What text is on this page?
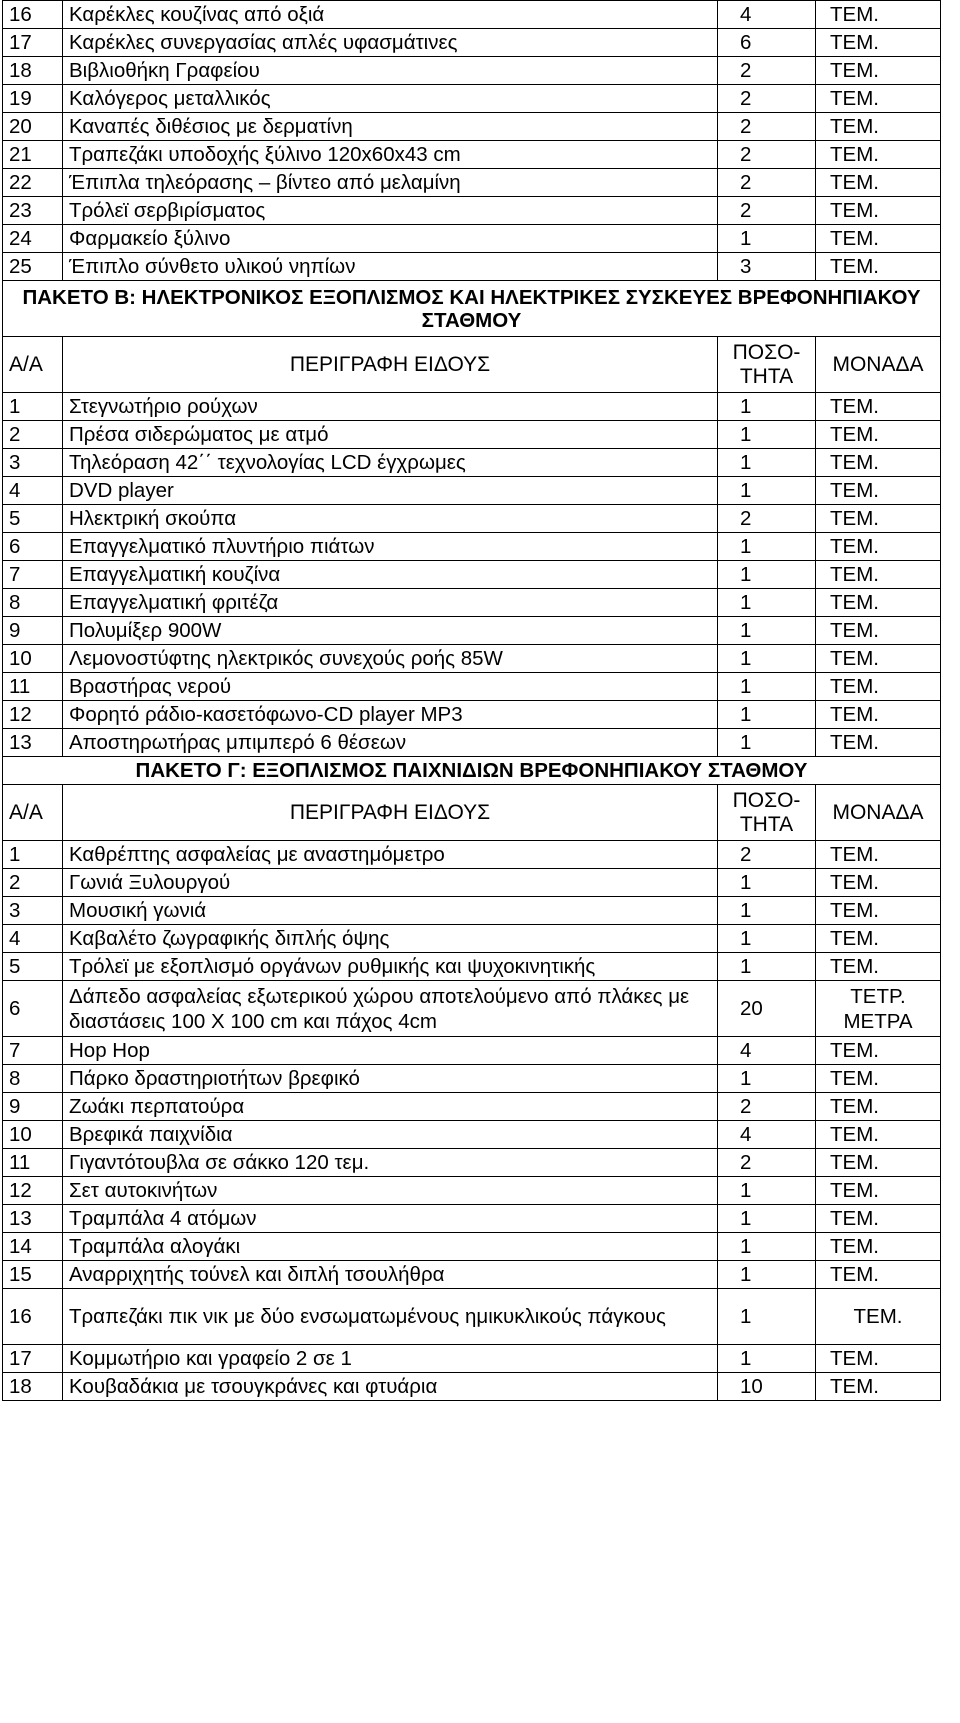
16	Καρέκλες κουζίνας από οξιά	4	ΤΕΜ.
17	Καρέκλες συνεργασίας απλές υφασμάτινες	6	ΤΕΜ.
18	Βιβλιοθήκη Γραφείου	2	ΤΕΜ.
19	Καλόγερος μεταλλικός	2	ΤΕΜ.
20	Καναπές διθέσιος με δερματίνη	2	ΤΕΜ.
21	Τραπεζάκι υποδοχής ξύλινο 120x60x43 cm	2	ΤΕΜ.
22	Έπιπλα τηλεόρασης – βίντεο από μελαμίνη	2	ΤΕΜ.
23	Τρόλεϊ σερβιρίσματος	2	ΤΕΜ.
24	Φαρμακείο ξύλινο	1	ΤΕΜ.
25	Έπιπλο σύνθετο υλικού νηπίων	3	ΤΕΜ.
ΠΑΚΕΤΟ Β: ΗΛΕΚΤΡΟΝΙΚΟΣ ΕΞΟΠΛΙΣΜΟΣ ΚΑΙ ΗΛΕΚΤΡΙΚΕΣ ΣΥΣΚΕΥΕΣ ΒΡΕΦΟΝΗΠΙΑΚΟΥ ΣΤΑΘΜΟΥ			
Α/Α	ΠΕΡΙΓΡΑΦΗ ΕΙΔΟΥΣ	ΠΟΣΟ-ΤΗΤΑ	ΜΟΝΑΔΑ
1	Στεγνωτήριο ρούχων	1	ΤΕΜ.
2	Πρέσα σιδερώματος με ατμό	1	ΤΕΜ.
3	Τηλεόραση 42΄΄ τεχνολογίας LCD έγχρωμες	1	ΤΕΜ.
4	DVD player	1	ΤΕΜ.
5	Ηλεκτρική σκούπα	2	ΤΕΜ.
6	Επαγγελματικό πλυντήριο πιάτων	1	ΤΕΜ.
7	Επαγγελματική κουζίνα	1	ΤΕΜ.
8	Επαγγελματική φριτέζα	1	ΤΕΜ.
9	Πολυμίξερ 900W	1	ΤΕΜ.
10	Λεμονοστύφτης ηλεκτρικός συνεχούς ροής 85W	1	ΤΕΜ.
11	Βραστήρας νερού	1	ΤΕΜ.
12	Φορητό ράδιο-κασετόφωνο-CD player MP3	1	ΤΕΜ.
13	Αποστηρωτήρας μπιμπερό 6 θέσεων	1	ΤΕΜ.
ΠΑΚΕΤΟ Γ: ΕΞΟΠΛΙΣΜΟΣ ΠΑΙΧΝΙΔΙΩΝ ΒΡΕΦΟΝΗΠΙΑΚΟΥ ΣΤΑΘΜΟΥ			
Α/Α	ΠΕΡΙΓΡΑΦΗ ΕΙΔΟΥΣ	ΠΟΣΟ-ΤΗΤΑ	ΜΟΝΑΔΑ
1	Καθρέπτης ασφαλείας με αναστημόμετρο	2	ΤΕΜ.
2	Γωνιά Ξυλουργού	1	ΤΕΜ.
3	Μουσική γωνιά	1	ΤΕΜ.
4	Καβαλέτο ζωγραφικής διπλής όψης	1	ΤΕΜ.
5	Τρόλεϊ με εξοπλισμό οργάνων ρυθμικής και ψυχοκινητικής	1	ΤΕΜ.
6	Δάπεδο ασφαλείας εξωτερικού χώρου αποτελούμενο από πλάκες με διαστάσεις 100 Χ 100 cm και πάχος 4cm	20	ΤΕΤΡ. ΜΕΤΡΑ
7	Hop Hop	4	ΤΕΜ.
8	Πάρκο δραστηριοτήτων βρεφικό	1	ΤΕΜ.
9	Ζωάκι περπατούρα	2	ΤΕΜ.
10	Βρεφικά παιχνίδια	4	ΤΕΜ.
11	Γιγαντότουβλα σε σάκκο 120 τεμ.	2	ΤΕΜ.
12	Σετ αυτοκινήτων	1	ΤΕΜ.
13	Τραμπάλα 4 ατόμων	1	ΤΕΜ.
14	Τραμπάλα αλογάκι	1	ΤΕΜ.
15	Αναρριχητής τούνελ και διπλή τσουλήθρα	1	ΤΕΜ.
16	Τραπεζάκι πικ νικ με δύο ενσωματωμένους ημικυκλικούς πάγκους	1	ΤΕΜ.
17	Κομμωτήριο και γραφείο 2 σε 1	1	ΤΕΜ.
18	Κουβαδάκια με τσουγκράνες και φτυάρια	10	ΤΕΜ.
